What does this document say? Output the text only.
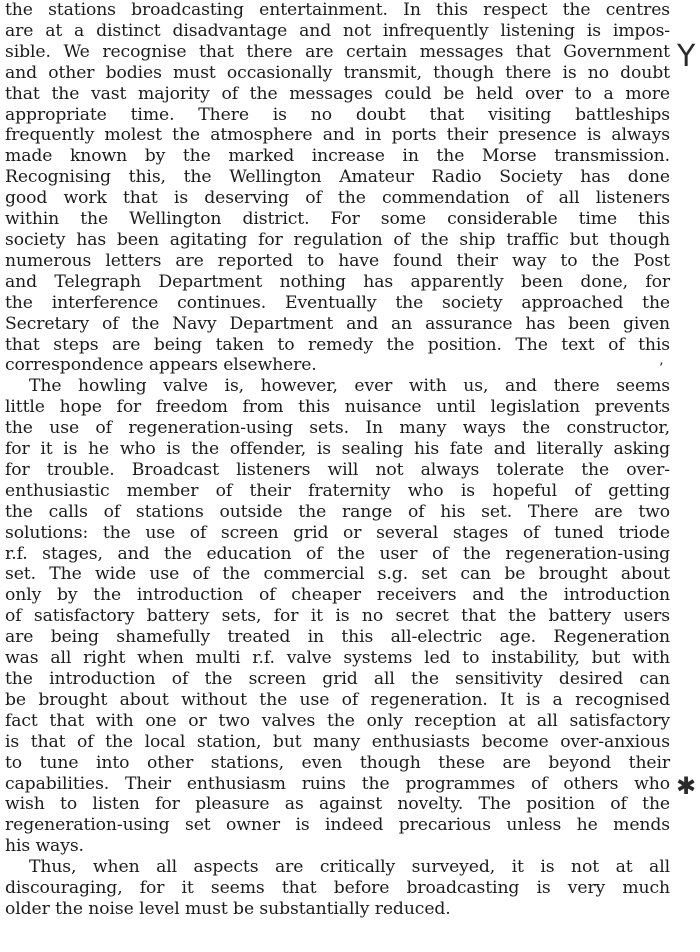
the stations broadcasting entertainment. In this respect the centres
are at a distinct disadvantage and not infrequently listening is impos-
sible. We recognise that there are certain messages that Government
and other bodies must occasionally transmit, though there is no doubt
that the vast majority of the messages could be held over to a more
appropriate time. There is no doubt that visiting battleships
frequently molest the atmosphere and in ports their presence is always
made known by the marked increase in the Morse transmission.
Recognising this, the Wellington Amateur Radio Society has done
good work that is deserving of the commendation of all listeners
within the Wellington district. For some considerable time this
society has been agitating for regulation of the ship traffic but though
numerous letters are reported to have found their way to the Post
and Telegraph Department nothing has apparently been done, for
the interference continues. Eventually the society approached the
Secretary of the Navy Department and an assurance has been given
that steps are being taken to remedy the position. The text of this
correspondence appears elsewhere.
The howling valve is, however, ever with us, and there seems
little hope for freedom from this nuisance until legislation prevents
the use of regeneration-using sets. In many ways the constructor,
for it is he who is the offender, is sealing his fate and literally asking
for trouble. Broadcast listeners will not always tolerate the over-
enthusiastic member of their fraternity who is hopeful of getting
the calls of stations outside the range of his set. There are two
solutions: the use of screen grid or several stages of tuned triode
r.f. stages, and the education of the user of the regeneration-using
set. The wide use of the commercial s.g. set can be brought about
only by the introduction of cheaper receivers and the introduction
of satisfactory battery sets, for it is no secret that the battery users
are being shamefully treated in this all-electric age. Regeneration
was all right when multi r.f. valve systems led to instability, but with
the introduction of the screen grid all the sensitivity desired can
be brought about without the use of regeneration. It is a recognised
fact that with one or two valves the only reception at all satisfactory
is that of the local station, but many enthusiasts become over-anxious
to tune into other stations, even though these are beyond their
capabilities. Their enthusiasm ruins the programmes of others who
wish to listen for pleasure as against novelty. The position of the
regeneration-using set owner is indeed precarious unless he mends
his ways.
Thus, when all aspects are critically surveyed, it is not at all
discouraging, for it seems that before broadcasting is very much
older the noise level must be substantially reduced.
Y
’
✱
